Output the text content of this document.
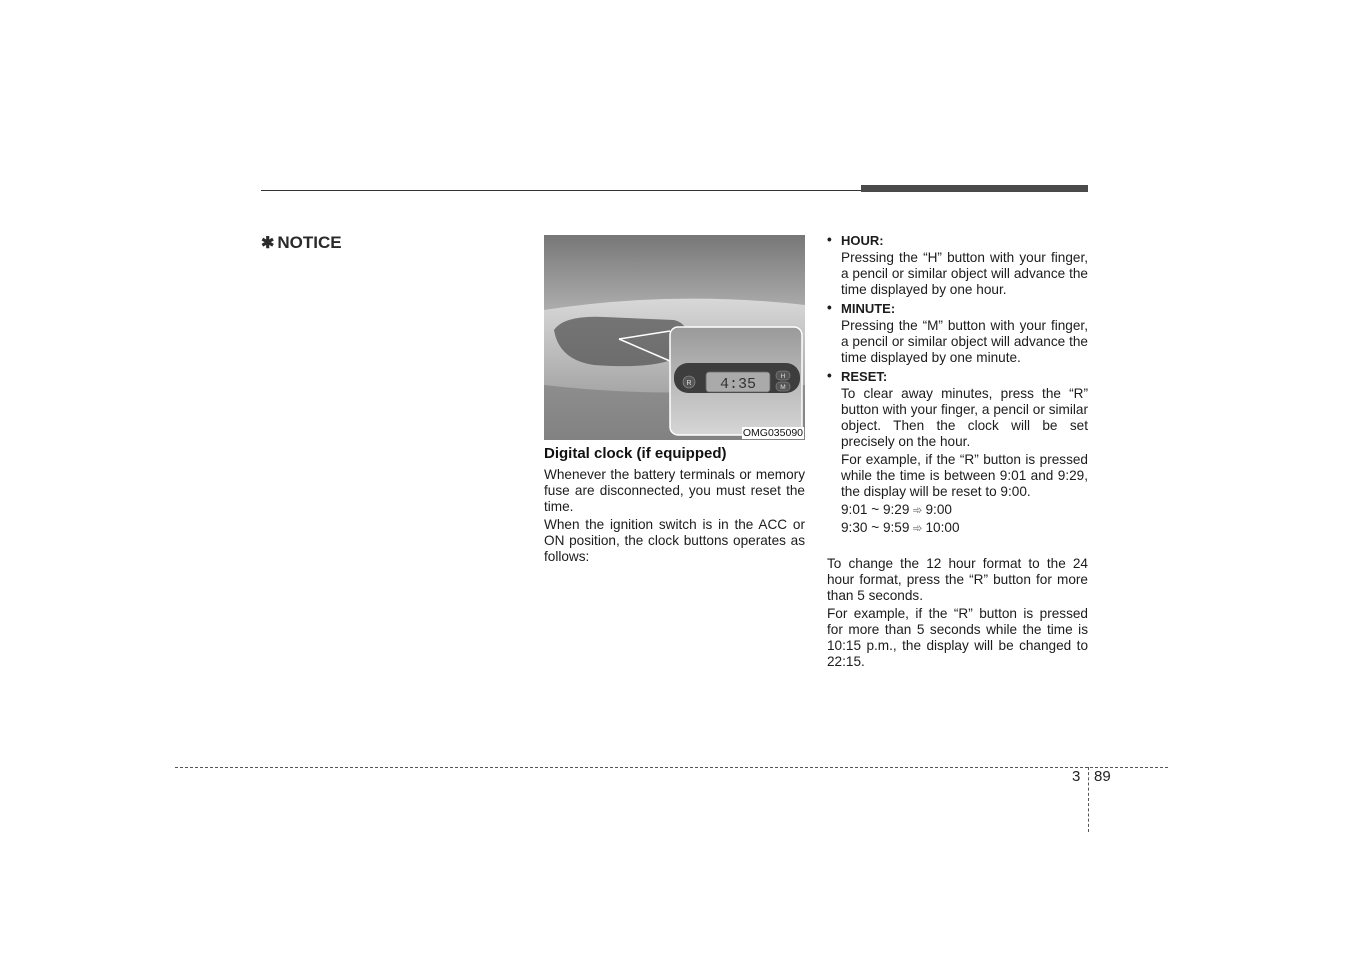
✱ NOTICE
R 4:35	H
M
OMG035090
Digital clock (if equipped)

Whenever the battery terminals or memory fuse are disconnected, you must reset the time.

When the ignition switch is in the ACC or ON position, the clock buttons operates as follows:

• HOUR:

Pressing the “H” button with your finger, a pencil or similar object will advance the time displayed by one hour.

• MINUTE:

Pressing the “M” button with your finger, a pencil or similar object will advance the time displayed by one minute.

• RESET:

To clear away minutes, press the “R” button with your finger, a pencil or similar object. Then the clock will be set precisely on the hour.

For example, if the “R” button is pressed while the time is between 9:01 and 9:29, the display will be reset to 9:00.

9:01 ~ 9:29 ➾ 9:00
9:30 ~ 9:59 ➾ 10:00

To change the 12 hour format to the 24 hour format, press the “R” button for more than 5 seconds.

For example, if the “R” button is pressed for more than 5 seconds while the time is 10:15 p.m., the display will be changed to 22:15.

3 89
